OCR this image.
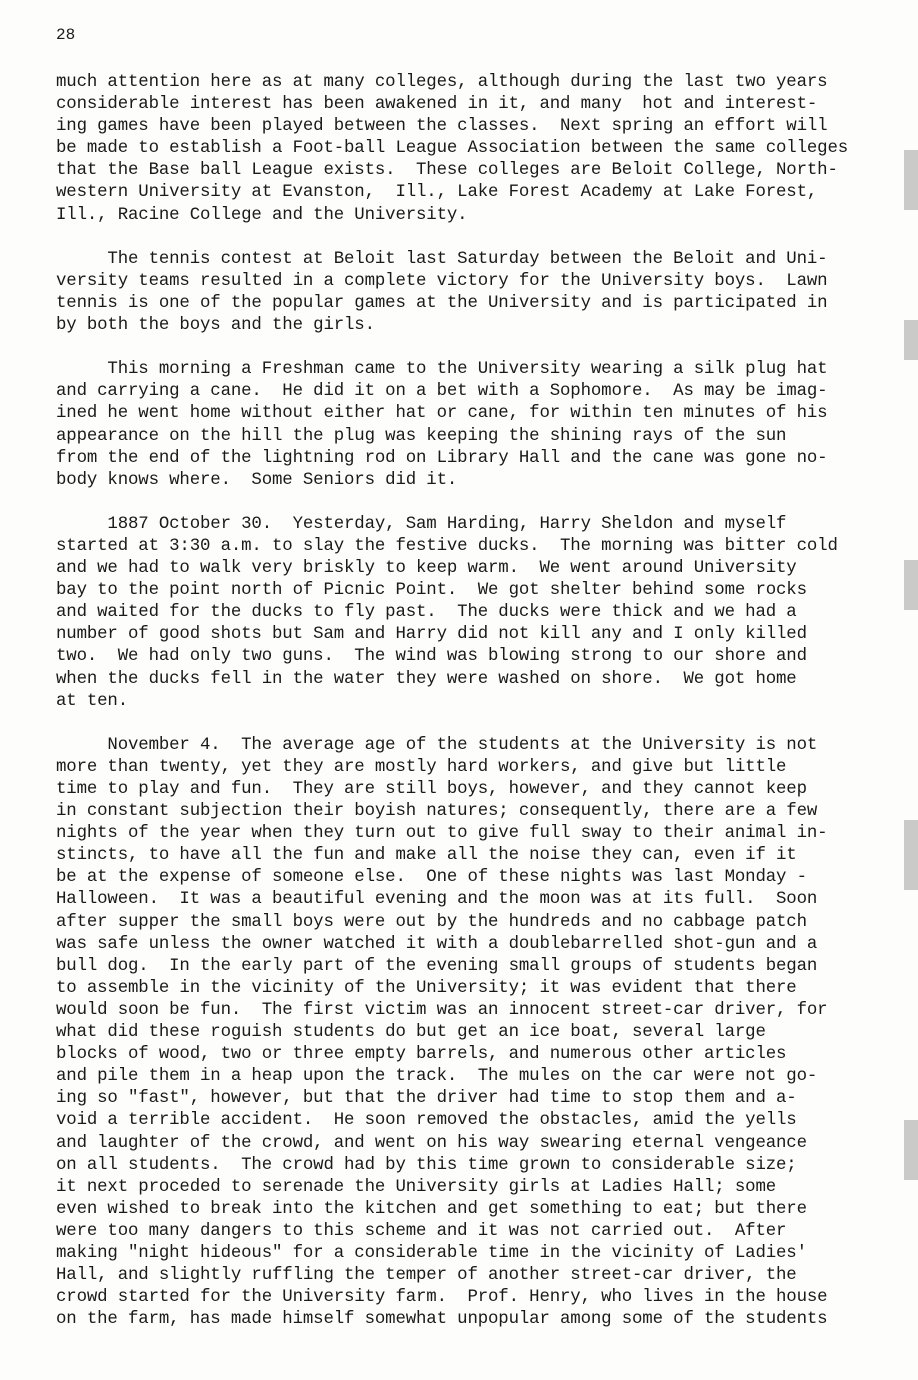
28

much attention here as at many colleges, although during the last two years
considerable interest has been awakened in it, and many  hot and interest-
ing games have been played between the classes.  Next spring an effort will
be made to establish a Foot-ball League Association between the same colleges
that the Base ball League exists.  These colleges are Beloit College, North-
western University at Evanston,  Ill., Lake Forest Academy at Lake Forest,
Ill., Racine College and the University.
The tennis contest at Beloit last Saturday between the Beloit and Uni-
versity teams resulted in a complete victory for the University boys.  Lawn
tennis is one of the popular games at the University and is participated in
by both the boys and the girls.
This morning a Freshman came to the University wearing a silk plug hat
and carrying a cane.  He did it on a bet with a Sophomore.  As may be imag-
ined he went home without either hat or cane, for within ten minutes of his
appearance on the hill the plug was keeping the shining rays of the sun
from the end of the lightning rod on Library Hall and the cane was gone no-
body knows where.  Some Seniors did it.
1887 October 30.  Yesterday, Sam Harding, Harry Sheldon and myself
started at 3:30 a.m. to slay the festive ducks.  The morning was bitter cold
and we had to walk very briskly to keep warm.  We went around University
bay to the point north of Picnic Point.  We got shelter behind some rocks
and waited for the ducks to fly past.  The ducks were thick and we had a
number of good shots but Sam and Harry did not kill any and I only killed
two.  We had only two guns.  The wind was blowing strong to our shore and
when the ducks fell in the water they were washed on shore.  We got home
at ten.
November 4.  The average age of the students at the University is not
more than twenty, yet they are mostly hard workers, and give but little
time to play and fun.  They are still boys, however, and they cannot keep
in constant subjection their boyish natures; consequently, there are a few
nights of the year when they turn out to give full sway to their animal in-
stincts, to have all the fun and make all the noise they can, even if it
be at the expense of someone else.  One of these nights was last Monday -
Halloween.  It was a beautiful evening and the moon was at its full.  Soon
after supper the small boys were out by the hundreds and no cabbage patch
was safe unless the owner watched it with a doublebarrelled shot-gun and a
bull dog.  In the early part of the evening small groups of students began
to assemble in the vicinity of the University; it was evident that there
would soon be fun.  The first victim was an innocent street-car driver, for
what did these roguish students do but get an ice boat, several large
blocks of wood, two or three empty barrels, and numerous other articles
and pile them in a heap upon the track.  The mules on the car were not go-
ing so "fast", however, but that the driver had time to stop them and a-
void a terrible accident.  He soon removed the obstacles, amid the yells
and laughter of the crowd, and went on his way swearing eternal vengeance
on all students.  The crowd had by this time grown to considerable size;
it next proceded to serenade the University girls at Ladies Hall; some
even wished to break into the kitchen and get something to eat; but there
were too many dangers to this scheme and it was not carried out.  After
making "night hideous" for a considerable time in the vicinity of Ladies'
Hall, and slightly ruffling the temper of another street-car driver, the
crowd started for the University farm.  Prof. Henry, who lives in the house
on the farm, has made himself somewhat unpopular among some of the students
